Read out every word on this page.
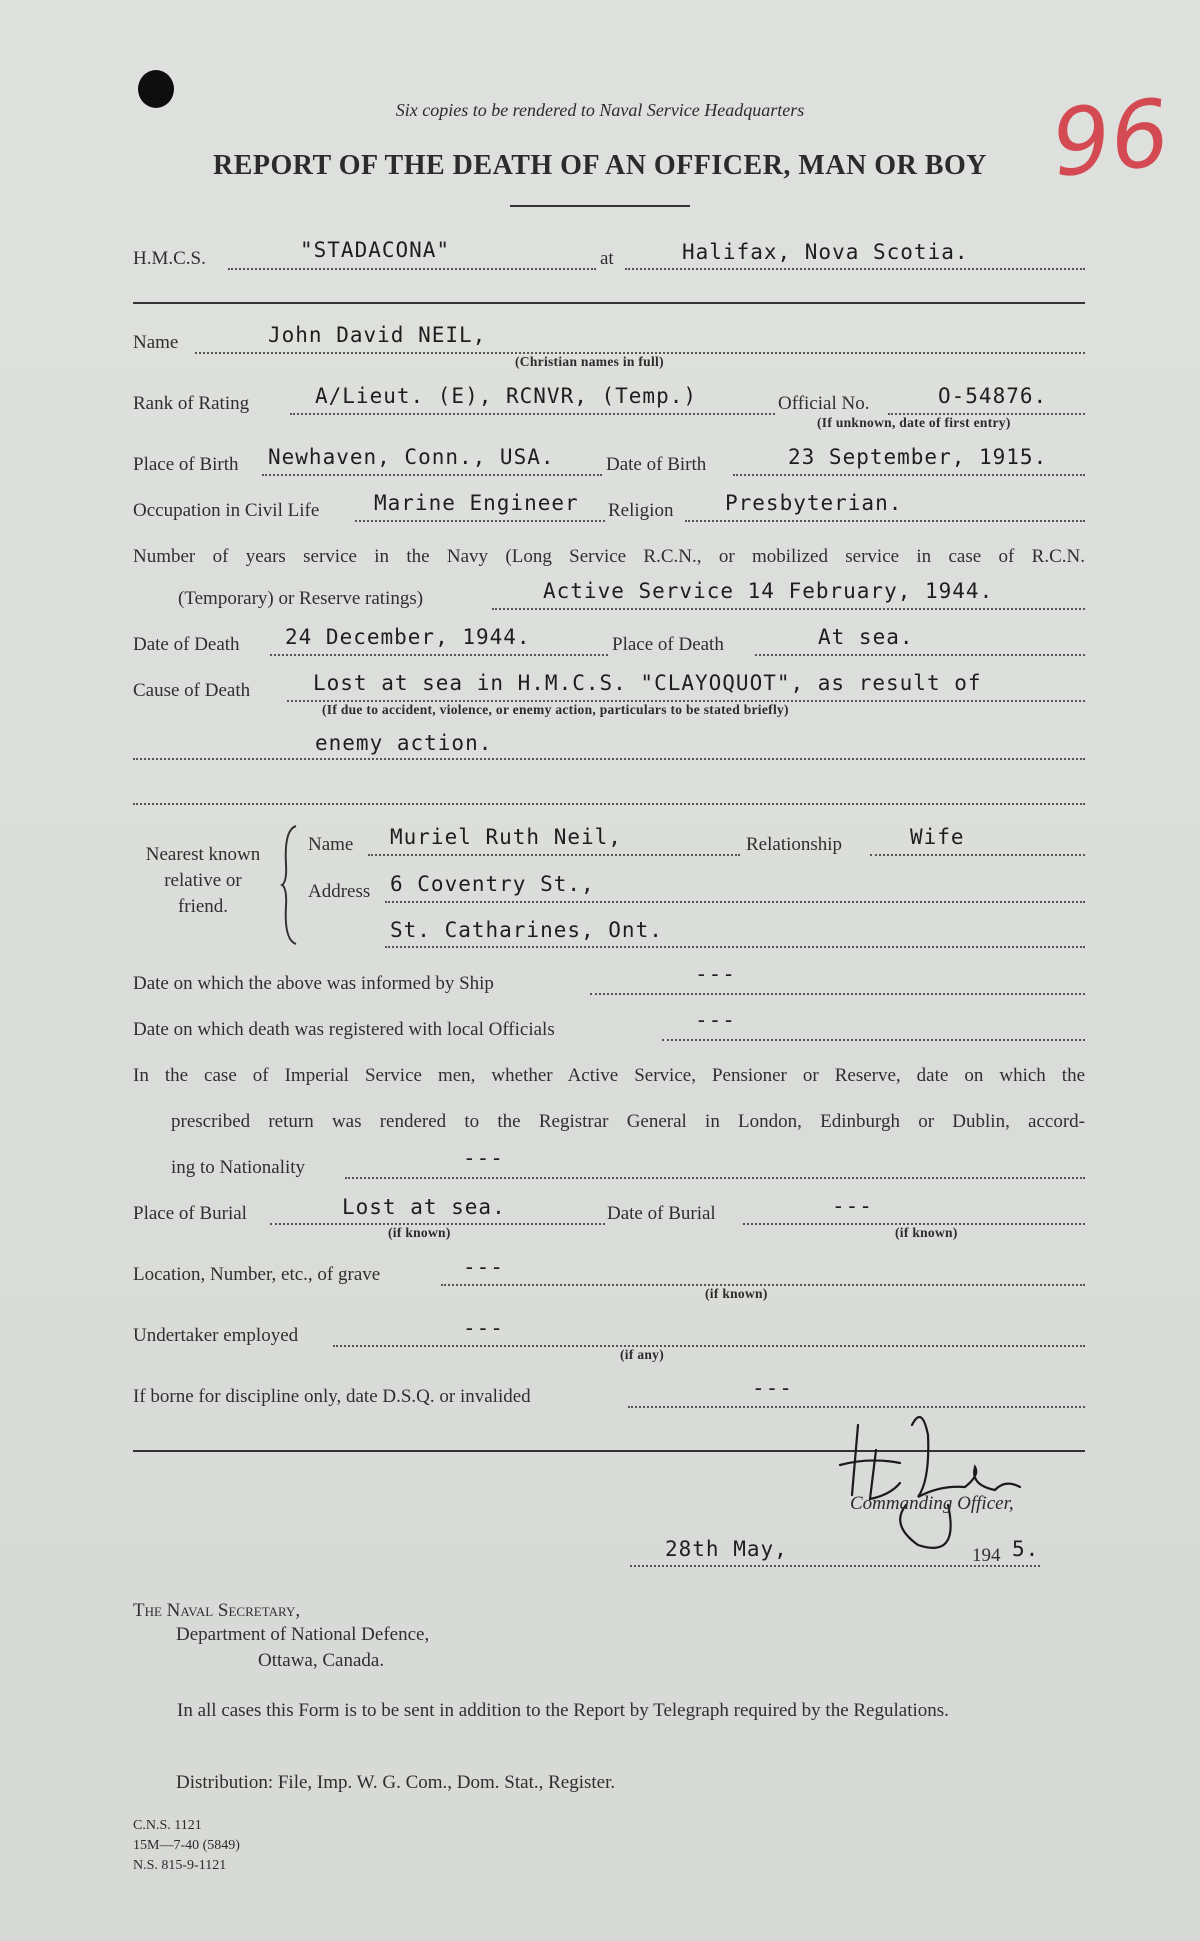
Six copies to be rendered to Naval Service Headquarters
REPORT OF THE DEATH OF AN OFFICER, MAN OR BOY 96
H.M.C.S.	"STADACONA"	at	Halifax, Nova Scotia.
Name	John David NEIL,
(Christian names in full)
Rank of Rating	A/Lieut. (E), RCNVR, (Temp.)	Official No.	O-54876.
(If unknown, date of first entry)
Place of Birth Newhaven, Conn., USA.	Date of Birth	23 September, 1915.
Occupation in Civil Life	Marine Engineer Religion Presbyterian.
Number of years service in the Navy (Long Service R.C.N., or mobilized service in case of R.C.N.
(Temporary) or Reserve ratings)	Active Service 14 February, 1944.
Date of Death 24 December, 1944.	Place of Death	At sea.
Cause of Death	Lost at sea in H.M.C.S. "CLAYOQUOT", as result of
(If due to accident, violence, or enemy action, particulars to be stated briefly)
enemy action.
Nearest known
relative or
friend.
Name Muriel Ruth Neil,	Relationship	Wife
Address 6 Coventry St.,
St. Catharines, Ont.
Date on which the above was informed by Ship	---
Date on which death was registered with local Officials	---
In the case of Imperial Service men, whether Active Service, Pensioner or Reserve, date on which the
prescribed return was rendered to the Registrar General in London, Edinburgh or Dublin, accord-
ing to Nationality	---
Place of Burial	Lost at sea.
(if known)
Date of Burial	---
(if known)
Location, Number, etc., of grave	---
(if known)
Undertaker employed	---
(if any)
If borne for discipline only, date D.S.Q. or invalided	---
Commanding Officer,
28th May,	194 5.
The Naval Secretary,
Department of National Defence,
Ottawa, Canada.
In all cases this Form is to be sent in addition to the Report by Telegraph required by the Regulations.
Distribution: File, Imp. W. G. Com., Dom. Stat., Register.
C.N.S. 1121
15M—7-40 (5849)
N.S. 815-9-1121
